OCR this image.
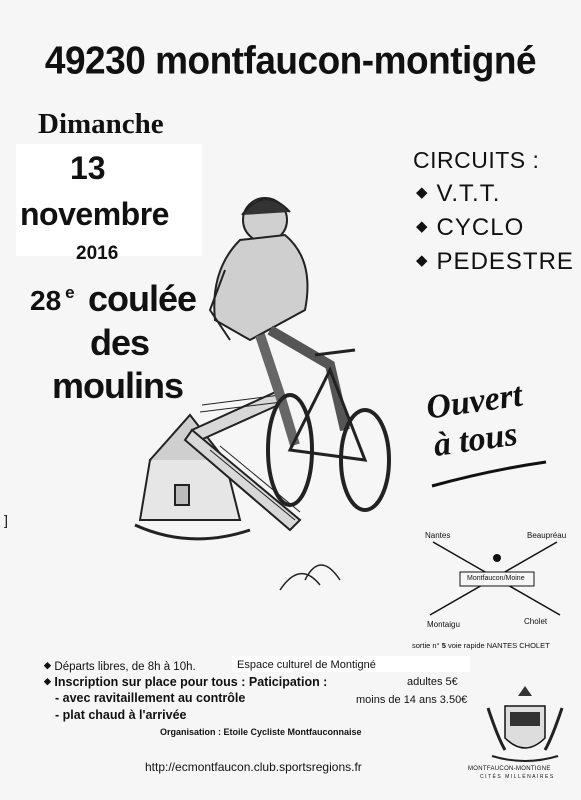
49230 montfaucon-montigné
Dimanche
13
novembre
2016
28 $^e$ coulée
des
moulins
CIRCUITS :
◆ V.T.T.
◆ CYCLO
◆ PEDESTRE
Ouvert
à tous
Nantes	Beaupréau
Montfaucon/Moine
Montaigu	Cholet
sortie n° 5 voie rapide NANTES CHOLET
◆ Départs libres, de 8h à 10h.	Espace culturel de Montigné
◆ Inscription sur place pour tous : Paticipation :	adultes 5€
- avec ravitaillement au contrôle	moins de 14 ans 3.50€
- plat chaud à l'arrivée
Organisation : Etoile Cycliste Montfauconnaise
MONTFAUCON-MONTIGNE
CITÉS MILLÉNAIRES
http://ecmontfaucon.club.sportsregions.fr
]
